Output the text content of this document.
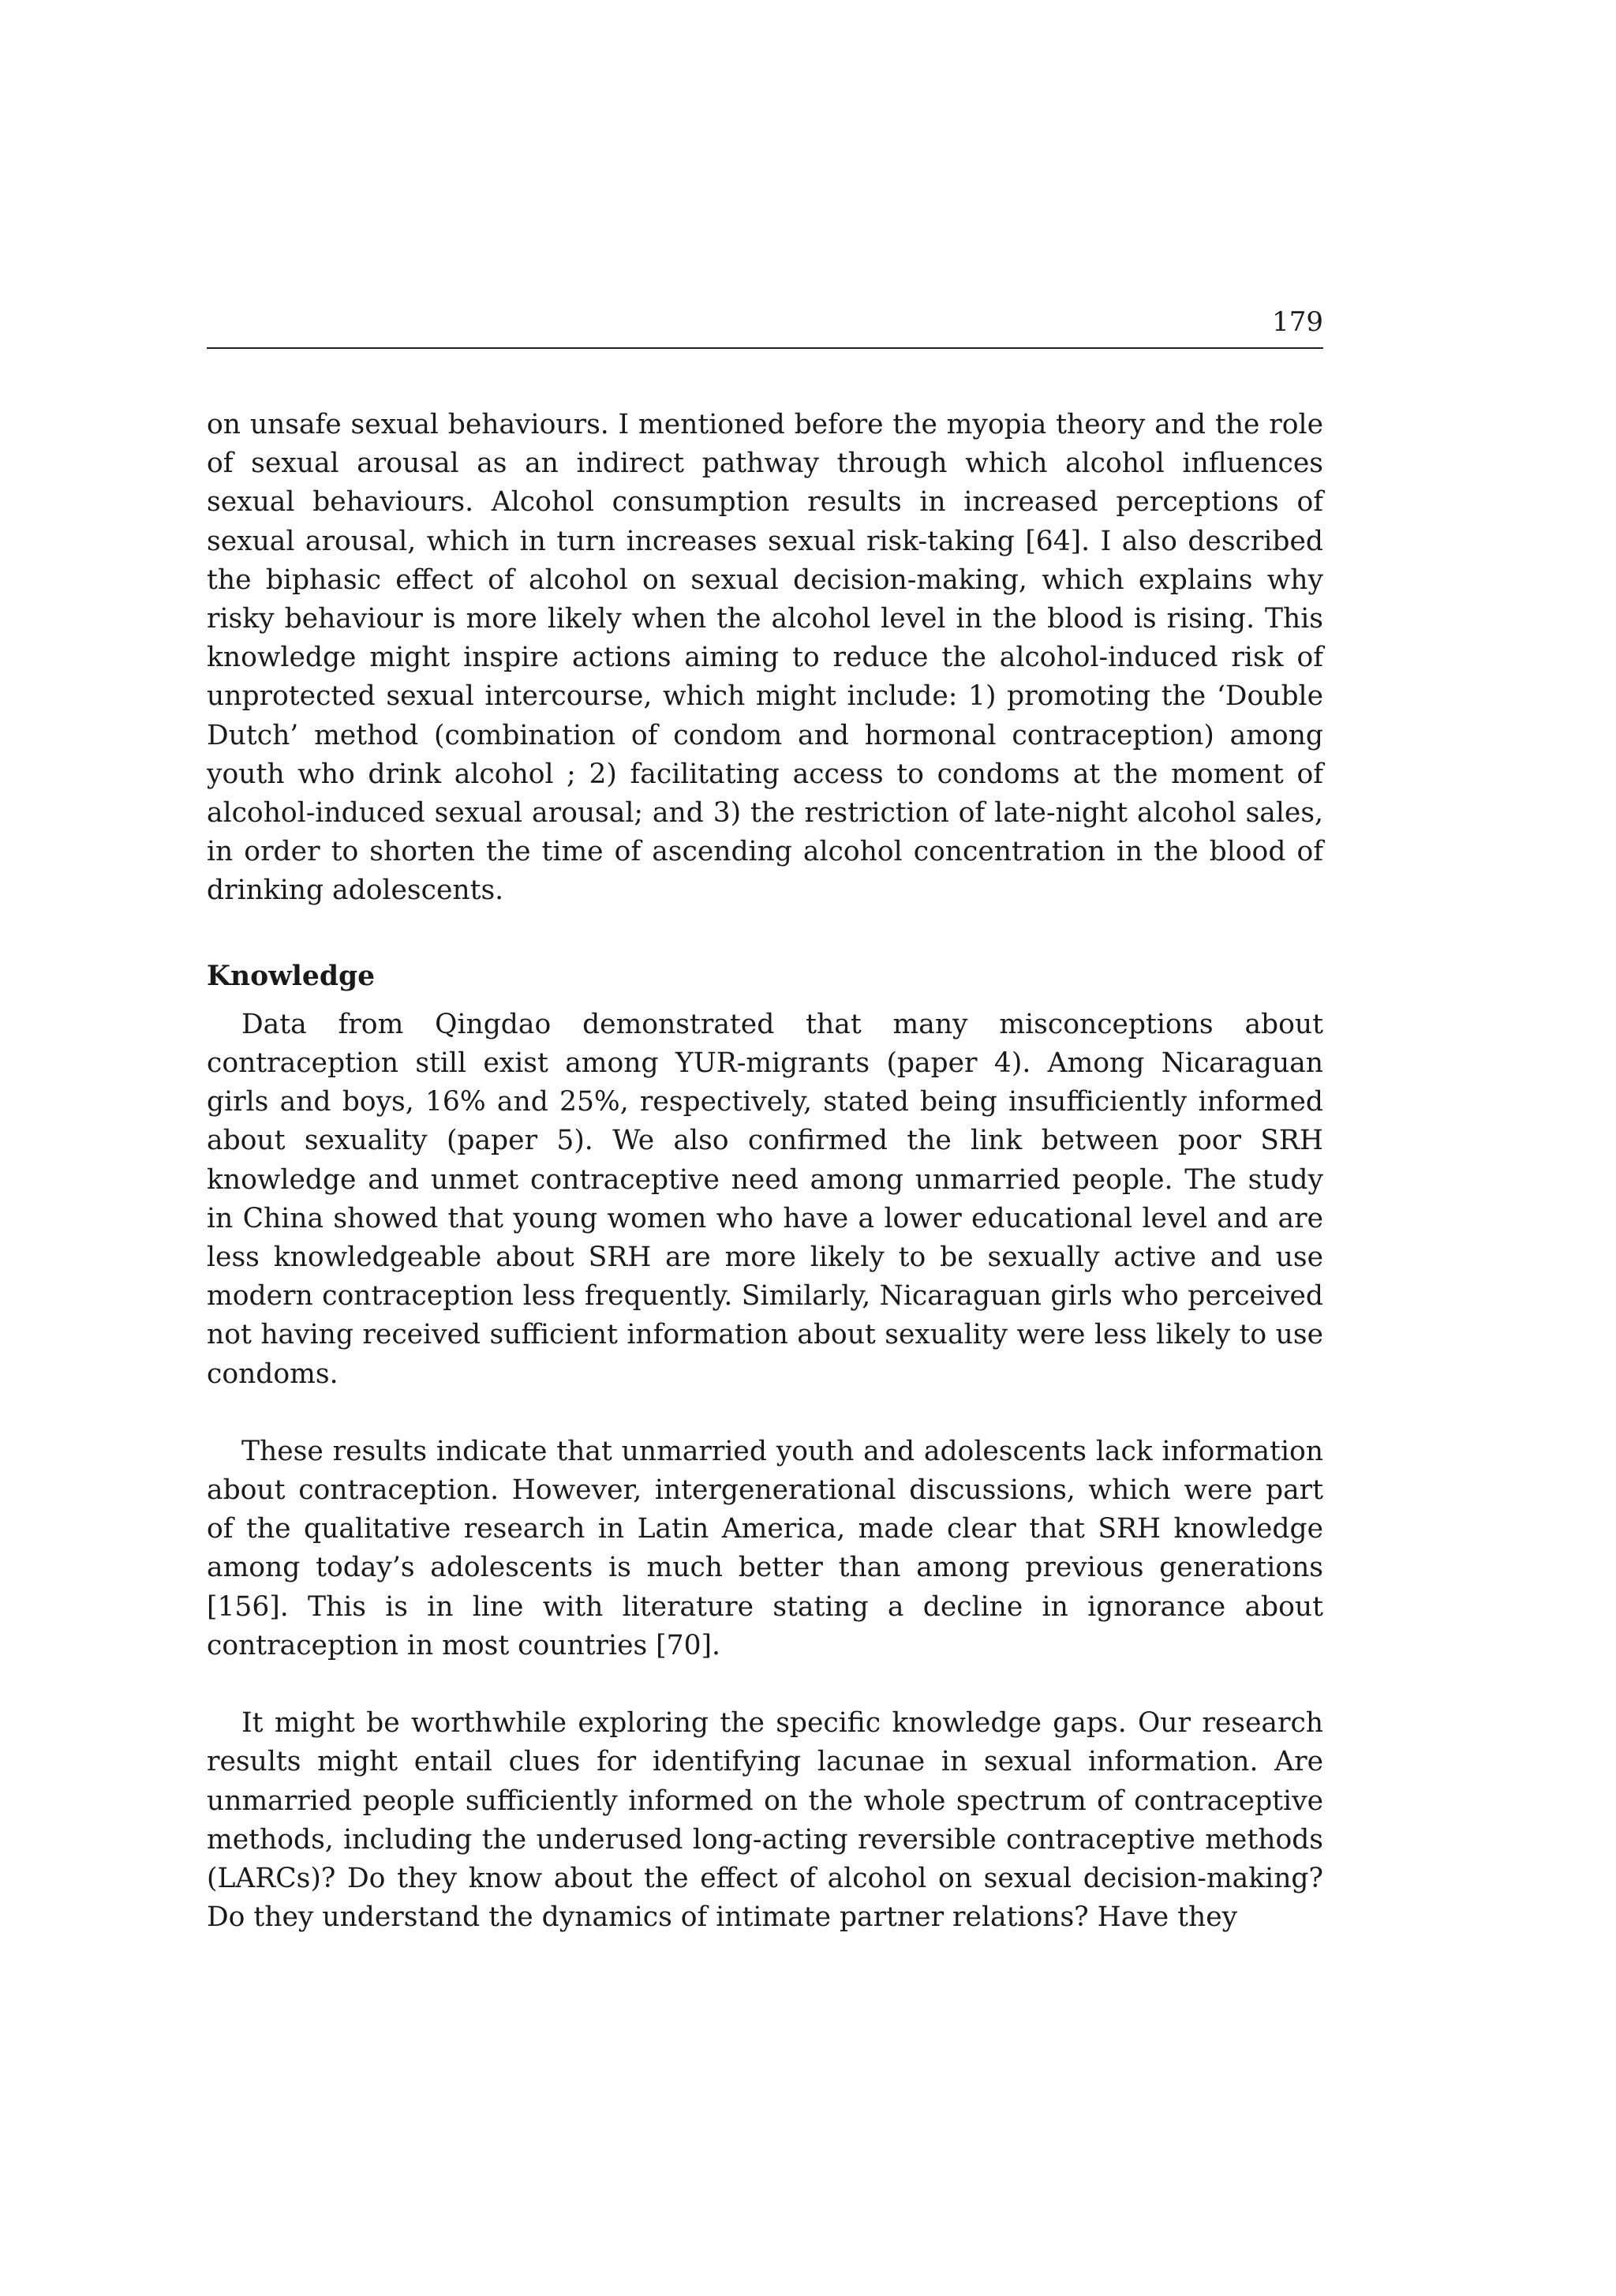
179

on unsafe sexual behaviours. I mentioned before the myopia theory and the role of sexual arousal as an indirect pathway through which alcohol influences sexual behaviours. Alcohol consumption results in increased perceptions of sexual arousal, which in turn increases sexual risk-taking [64]. I also described the biphasic effect of alcohol on sexual decision-making, which explains why risky behaviour is more likely when the alcohol level in the blood is rising. This knowledge might inspire actions aiming to reduce the alcohol-induced risk of unprotected sexual intercourse, which might include: 1) promoting the ‘Double Dutch’ method (combination of condom and hormonal contraception) among youth who drink alcohol ; 2) facilitating access to condoms at the moment of alcohol-induced sexual arousal; and 3) the restriction of late-night alcohol sales, in order to shorten the time of ascending alcohol concentration in the blood of drinking adolescents.

Knowledge

Data from Qingdao demonstrated that many misconceptions about contraception still exist among YUR-migrants (paper 4). Among Nicaraguan girls and boys, 16% and 25%, respectively, stated being insufficiently informed about sexuality (paper 5). We also confirmed the link between poor SRH knowledge and unmet contraceptive need among unmarried people. The study in China showed that young women who have a lower educational level and are less knowledgeable about SRH are more likely to be sexually active and use modern contraception less frequently. Similarly, Nicaraguan girls who perceived not having received sufficient information about sexuality were less likely to use condoms.

These results indicate that unmarried youth and adolescents lack information about contraception. However, intergenerational discussions, which were part of the qualitative research in Latin America, made clear that SRH knowledge among today’s adolescents is much better than among previous generations [156]. This is in line with literature stating a decline in ignorance about contraception in most countries [70].

It might be worthwhile exploring the specific knowledge gaps. Our research results might entail clues for identifying lacunae in sexual information. Are unmarried people sufficiently informed on the whole spectrum of contraceptive methods, including the underused long-acting reversible contraceptive methods (LARCs)? Do they know about the effect of alcohol on sexual decision-making? Do they understand the dynamics of intimate partner relations? Have they
